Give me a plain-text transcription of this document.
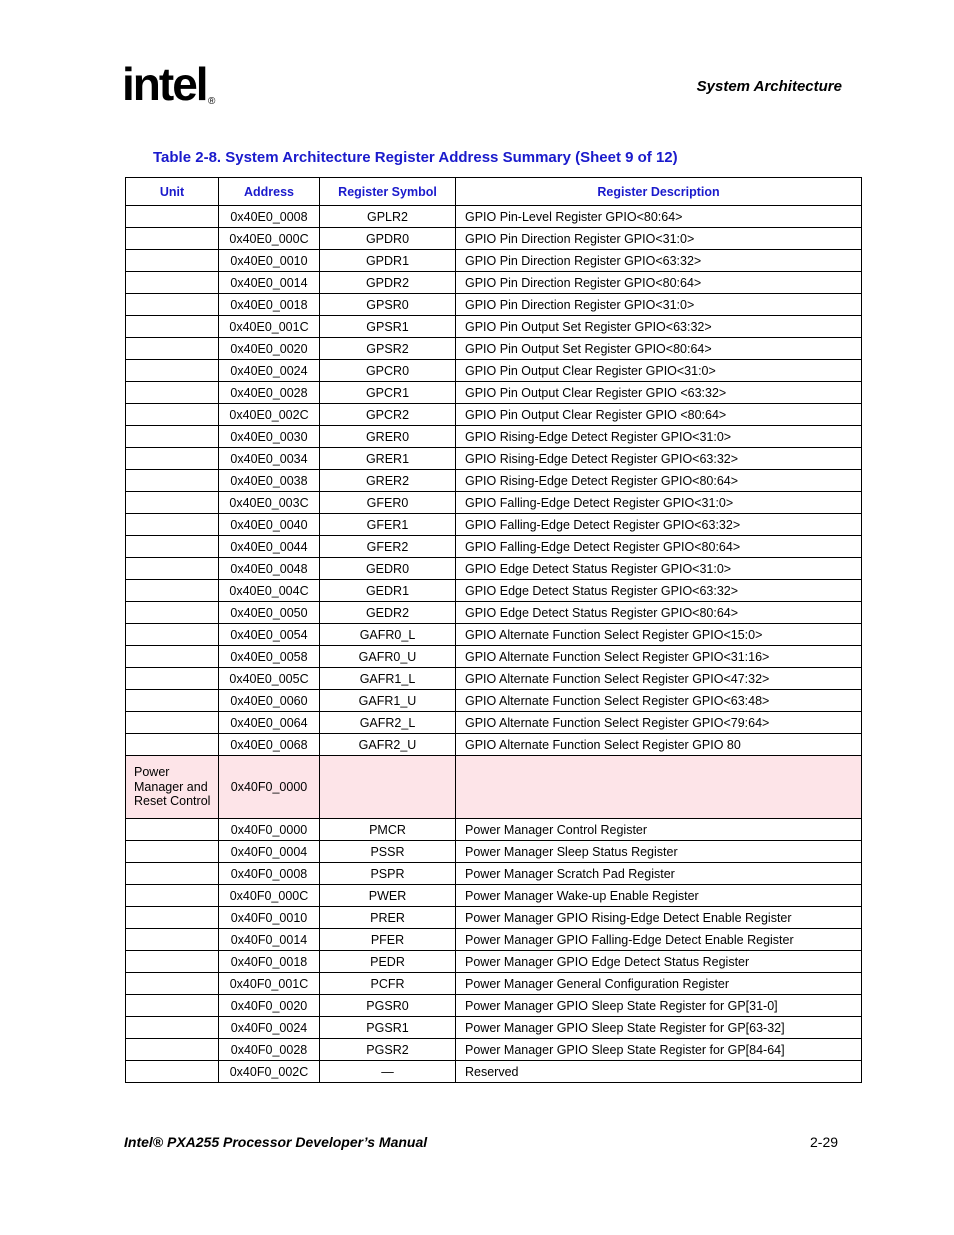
intel ®
System Architecture
Table 2-8. System Architecture Register Address Summary (Sheet 9 of 12)
Unit	Address	Register Symbol	Register Description
	0x40E0_0008	GPLR2	GPIO Pin-Level Register GPIO<80:64>
	0x40E0_000C	GPDR0	GPIO Pin Direction Register GPIO<31:0>
	0x40E0_0010	GPDR1	GPIO Pin Direction Register GPIO<63:32>
	0x40E0_0014	GPDR2	GPIO Pin Direction Register GPIO<80:64>
	0x40E0_0018	GPSR0	GPIO Pin Direction Register GPIO<31:0>
	0x40E0_001C	GPSR1	GPIO Pin Output Set Register GPIO<63:32>
	0x40E0_0020	GPSR2	GPIO Pin Output Set Register GPIO<80:64>
	0x40E0_0024	GPCR0	GPIO Pin Output Clear Register GPIO<31:0>
	0x40E0_0028	GPCR1	GPIO Pin Output Clear Register GPIO <63:32>
	0x40E0_002C	GPCR2	GPIO Pin Output Clear Register GPIO <80:64>
	0x40E0_0030	GRER0	GPIO Rising-Edge Detect Register GPIO<31:0>
	0x40E0_0034	GRER1	GPIO Rising-Edge Detect Register GPIO<63:32>
	0x40E0_0038	GRER2	GPIO Rising-Edge Detect Register GPIO<80:64>
	0x40E0_003C	GFER0	GPIO Falling-Edge Detect Register GPIO<31:0>
	0x40E0_0040	GFER1	GPIO Falling-Edge Detect Register GPIO<63:32>
	0x40E0_0044	GFER2	GPIO Falling-Edge Detect Register GPIO<80:64>
	0x40E0_0048	GEDR0	GPIO Edge Detect Status Register GPIO<31:0>
	0x40E0_004C	GEDR1	GPIO Edge Detect Status Register GPIO<63:32>
	0x40E0_0050	GEDR2	GPIO Edge Detect Status Register GPIO<80:64>
	0x40E0_0054	GAFR0_L	GPIO Alternate Function Select Register GPIO<15:0>
	0x40E0_0058	GAFR0_U	GPIO Alternate Function Select Register GPIO<31:16>
	0x40E0_005C	GAFR1_L	GPIO Alternate Function Select Register GPIO<47:32>
	0x40E0_0060	GAFR1_U	GPIO Alternate Function Select Register GPIO<63:48>
	0x40E0_0064	GAFR2_L	GPIO Alternate Function Select Register GPIO<79:64>
	0x40E0_0068	GAFR2_U	GPIO Alternate Function Select Register GPIO 80
Power Manager and Reset Control	0x40F0_0000		
	0x40F0_0000	PMCR	Power Manager Control Register
	0x40F0_0004	PSSR	Power Manager Sleep Status Register
	0x40F0_0008	PSPR	Power Manager Scratch Pad Register
	0x40F0_000C	PWER	Power Manager Wake-up Enable Register
	0x40F0_0010	PRER	Power Manager GPIO Rising-Edge Detect Enable Register
	0x40F0_0014	PFER	Power Manager GPIO Falling-Edge Detect Enable Register
	0x40F0_0018	PEDR	Power Manager GPIO Edge Detect Status Register
	0x40F0_001C	PCFR	Power Manager General Configuration Register
	0x40F0_0020	PGSR0	Power Manager GPIO Sleep State Register for GP[31-0]
	0x40F0_0024	PGSR1	Power Manager GPIO Sleep State Register for GP[63-32]
	0x40F0_0028	PGSR2	Power Manager GPIO Sleep State Register for GP[84-64]
	0x40F0_002C	—	Reserved
Intel® PXA255 Processor Developer’s Manual	2-29
